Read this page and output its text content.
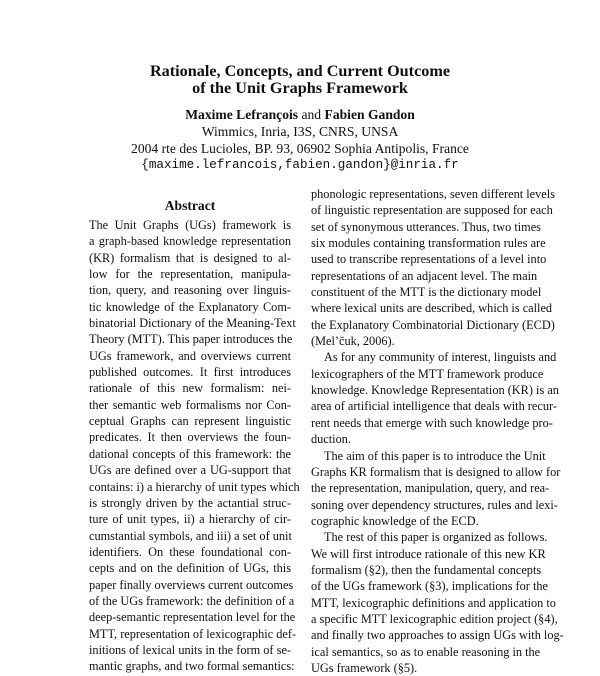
Rationale, Concepts, and Current Outcome
of the Unit Graphs Framework
Maxime Lefrançois and Fabien Gandon
Wimmics, Inria, I3S, CNRS, UNSA
2004 rte des Lucioles, BP. 93, 06902 Sophia Antipolis, France
{maxime.lefrancois,fabien.gandon}@inria.fr
Abstract
The Unit Graphs (UGs) framework is
a graph-based knowledge representation
(KR) formalism that is designed to al-
low for the representation, manipula-
tion, query, and reasoning over linguis-
tic knowledge of the Explanatory Com-
binatorial Dictionary of the Meaning-Text
Theory (MTT). This paper introduces the
UGs framework, and overviews current
published outcomes. It first introduces
rationale of this new formalism: nei-
ther semantic web formalisms nor Con-
ceptual Graphs can represent linguistic
predicates. It then overviews the foun-
dational concepts of this framework: the
UGs are defined over a UG-support that
contains: i) a hierarchy of unit types which
is strongly driven by the actantial struc-
ture of unit types, ii) a hierarchy of cir-
cumstantial symbols, and iii) a set of unit
identifiers. On these foundational con-
cepts and on the definition of UGs, this
paper finally overviews current outcomes
of the UGs framework: the definition of a
deep-semantic representation level for the
MTT, representation of lexicographic def-
initions of lexical units in the form of se-
mantic graphs, and two formal semantics:

phonologic representations, seven different levels
of linguistic representation are supposed for each
set of synonymous utterances. Thus, two times
six modules containing transformation rules are
used to transcribe representations of a level into
representations of an adjacent level. The main
constituent of the MTT is the dictionary model
where lexical units are described, which is called
the Explanatory Combinatorial Dictionary (ECD)
(Mel’čuk, 2006).

As for any community of interest, linguists and
lexicographers of the MTT framework produce
knowledge. Knowledge Representation (KR) is an
area of artificial intelligence that deals with recur-
rent needs that emerge with such knowledge pro-
duction.

The aim of this paper is to introduce the Unit
Graphs KR formalism that is designed to allow for
the representation, manipulation, query, and rea-
soning over dependency structures, rules and lexi-
cographic knowledge of the ECD.

The rest of this paper is organized as follows.
We will first introduce rationale of this new KR
formalism (§2), then the fundamental concepts
of the UGs framework (§3), implications for the
MTT, lexicographic definitions and application to
a specific MTT lexicographic edition project (§4),
and finally two approaches to assign UGs with log-
ical semantics, so as to enable reasoning in the
UGs framework (§5).
